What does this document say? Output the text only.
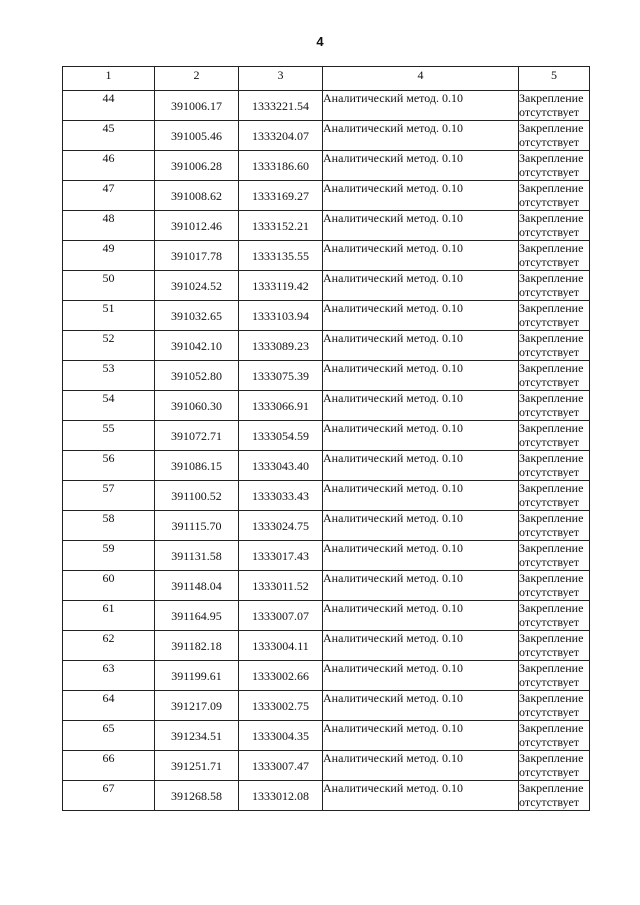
4
1	2	3	4	5
44	391006.17	1333221.54	Аналитический метод. 0.10	Закрепление
отсутствует

45	391005.46	1333204.07	Аналитический метод. 0.10	Закрепление
отсутствует

46	391006.28	1333186.60	Аналитический метод. 0.10	Закрепление
отсутствует

47	391008.62	1333169.27	Аналитический метод. 0.10	Закрепление
отсутствует

48	391012.46	1333152.21	Аналитический метод. 0.10	Закрепление
отсутствует

49	391017.78	1333135.55	Аналитический метод. 0.10	Закрепление
отсутствует

50	391024.52	1333119.42	Аналитический метод. 0.10	Закрепление
отсутствует

51	391032.65	1333103.94	Аналитический метод. 0.10	Закрепление
отсутствует

52	391042.10	1333089.23	Аналитический метод. 0.10	Закрепление
отсутствует

53	391052.80	1333075.39	Аналитический метод. 0.10	Закрепление
отсутствует

54	391060.30	1333066.91	Аналитический метод. 0.10	Закрепление
отсутствует

55	391072.71	1333054.59	Аналитический метод. 0.10	Закрепление
отсутствует

56	391086.15	1333043.40	Аналитический метод. 0.10	Закрепление
отсутствует

57	391100.52	1333033.43	Аналитический метод. 0.10	Закрепление
отсутствует

58	391115.70	1333024.75	Аналитический метод. 0.10	Закрепление
отсутствует

59	391131.58	1333017.43	Аналитический метод. 0.10	Закрепление
отсутствует

60	391148.04	1333011.52	Аналитический метод. 0.10	Закрепление
отсутствует

61	391164.95	1333007.07	Аналитический метод. 0.10	Закрепление
отсутствует

62	391182.18	1333004.11	Аналитический метод. 0.10	Закрепление
отсутствует

63	391199.61	1333002.66	Аналитический метод. 0.10	Закрепление
отсутствует

64	391217.09	1333002.75	Аналитический метод. 0.10	Закрепление
отсутствует

65	391234.51	1333004.35	Аналитический метод. 0.10	Закрепление
отсутствует

66	391251.71	1333007.47	Аналитический метод. 0.10	Закрепление
отсутствует

67	391268.58	1333012.08	Аналитический метод. 0.10	Закрепление
отсутствует
